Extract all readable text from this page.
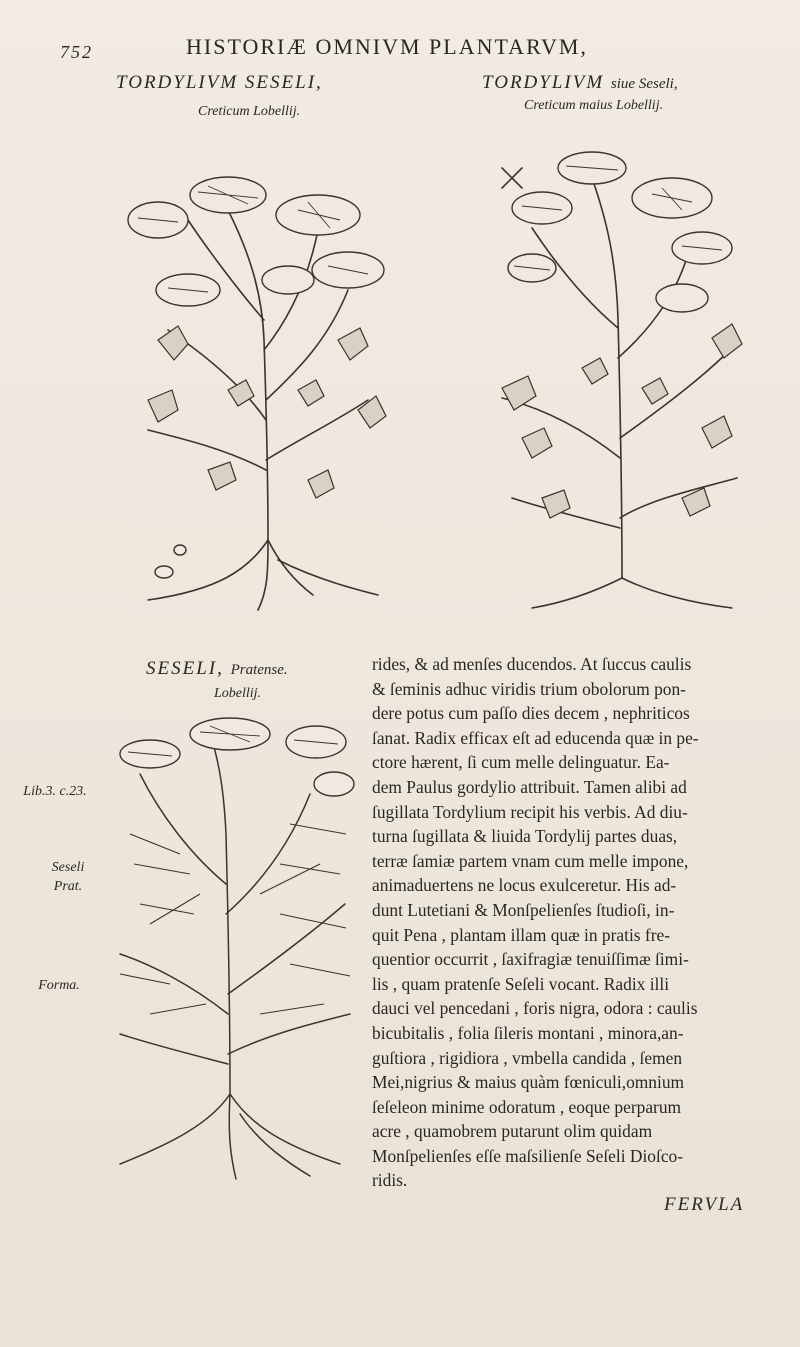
752	HISTORIÆ OMNIVM PLANTARVM,
TORDYLIVM SESELI,
Creticum Lobellij.
TORDYLIVM siue Seseli,
Creticum maius Lobellij.
SESELI, Pratense.
Lobellij.
Lib.3. c.23.
Seseli Prat.
Forma.
rides, & ad menſes ducendos. At ſuccus caulis
& ſeminis adhuc viridis trium obolorum pon-
dere potus cum paſſo dies decem , nephriticos
ſanat. Radix efficax eſt ad educenda quæ in pe-
ctore hærent, ſi cum melle delinguatur. Ea-
dem Paulus gordylio attribuit. Tamen alibi ad
ſugillata Tordylium recipit his verbis. Ad diu-
turna ſugillata & liuida Tordylij partes duas,
terræ ſamiæ partem vnam cum melle impone,
animaduertens ne locus exulceretur. His ad-
dunt Lutetiani & Monſpelienſes ſtudioſi, in-
quit Pena , plantam illam quæ in pratis fre-
quentior occurrit , ſaxifragiæ tenuiſſimæ ſimi-
lis , quam pratenſe Seſeli vocant. Radix illi
dauci vel pencedani , foris nigra, odora : caulis
bicubitalis , folia ſileris montani , minora,an-
guſtiora , rigidiora , vmbella candida , ſemen
Mei,nigrius & maius quàm fœniculi,omnium
ſeſeleon minime odoratum , eoque perparum
acre , quamobrem putarunt olim quidam
Monſpelienſes eſſe maſsilienſe Seſeli Dioſco-
ridis.
FERVLA
